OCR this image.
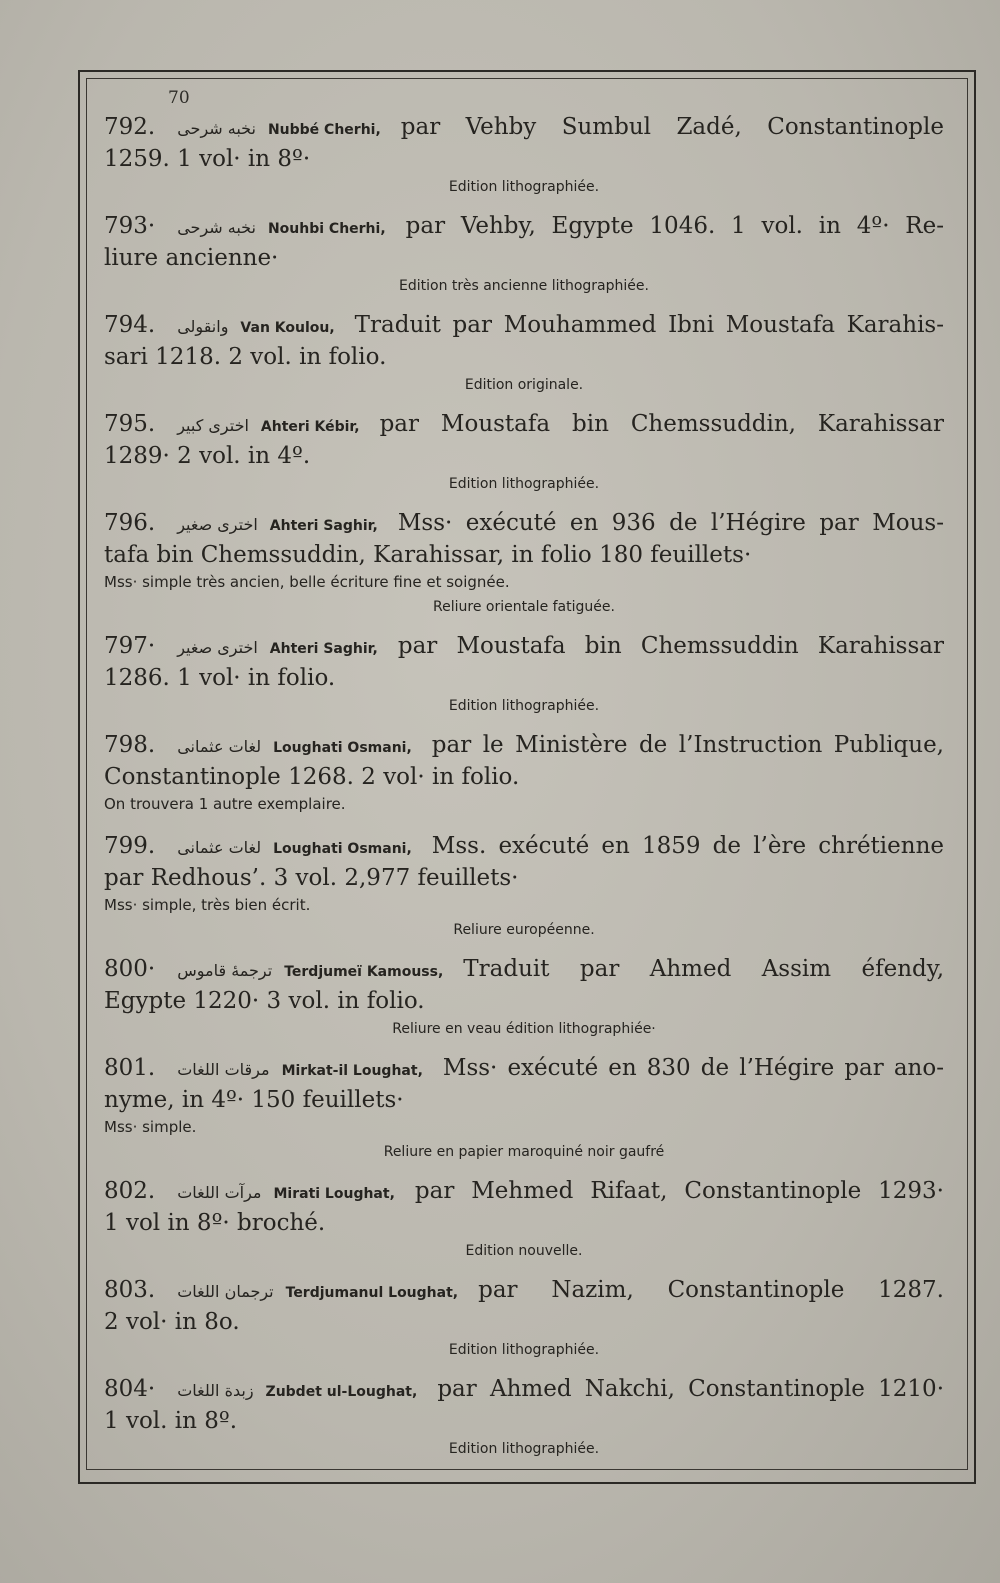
70
792. نخبه شرحی Nubbé Cherhi, par Vehby Sumbul Zadé, Constantinople
1259. 1 vol· in 8º·
Edition lithographiée.
793· نخبه شرحی Nouhbi Cherhi, par Vehby, Egypte 1046. 1 vol. in 4º· Re-
liure ancienne·
Edition très ancienne lithographiée.
794. وانقولی Van Koulou, Traduit par Mouhammed Ibni Moustafa Karahis-
sari 1218. 2 vol. in folio.
Edition originale.
795. اختری کبیر Ahteri Kébir, par Moustafa bin Chemssuddin, Karahissar
1289· 2 vol. in 4º.
Edition lithographiée.
796. اختری صغیر Ahteri Saghir, Mss· exécuté en 936 de l’Hégire par Mous-
tafa bin Chemssuddin, Karahissar, in folio 180 feuillets·
Mss· simple très ancien, belle écriture fine et soignée.
Reliure orientale fatiguée.
797· اختری صغیر Ahteri Saghir, par Moustafa bin Chemssuddin Karahissar
1286. 1 vol· in folio.
Edition lithographiée.
798. لغات عثمانی Loughati Osmani, par le Ministère de l’Instruction Publique,
Constantinople 1268. 2 vol· in folio.
On trouvera 1 autre exemplaire.
799. لغات عثمانی Loughati Osmani, Mss. exécuté en 1859 de l’ère chrétienne
par Redhous’. 3 vol. 2,977 feuillets·
Mss· simple, très bien écrit.
Reliure européenne.
800· ترجمهٔ قاموس Terdjumeï Kamouss, Traduit par Ahmed Assim éfendy,
Egypte 1220· 3 vol. in folio.
Reliure en veau édition lithographiée·
801. مرقات اللغات Mirkat-il Loughat, Mss· exécuté en 830 de l’Hégire par ano-
nyme, in 4º· 150 feuillets·
Mss· simple.
Reliure en papier maroquiné noir gaufré
802. مرآت اللغات Mirati Loughat, par Mehmed Rifaat, Constantinople 1293·
1 vol in 8º· broché.
Edition nouvelle.
803. ترجمان اللغات Terdjumanul Loughat, par Nazim, Constantinople 1287.
2 vol· in 8o.
Edition lithographiée.
804· زبدة اللغات Zubdet ul-Loughat, par Ahmed Nakchi, Constantinople 1210·
1 vol. in 8º.
Edition lithographiée.
